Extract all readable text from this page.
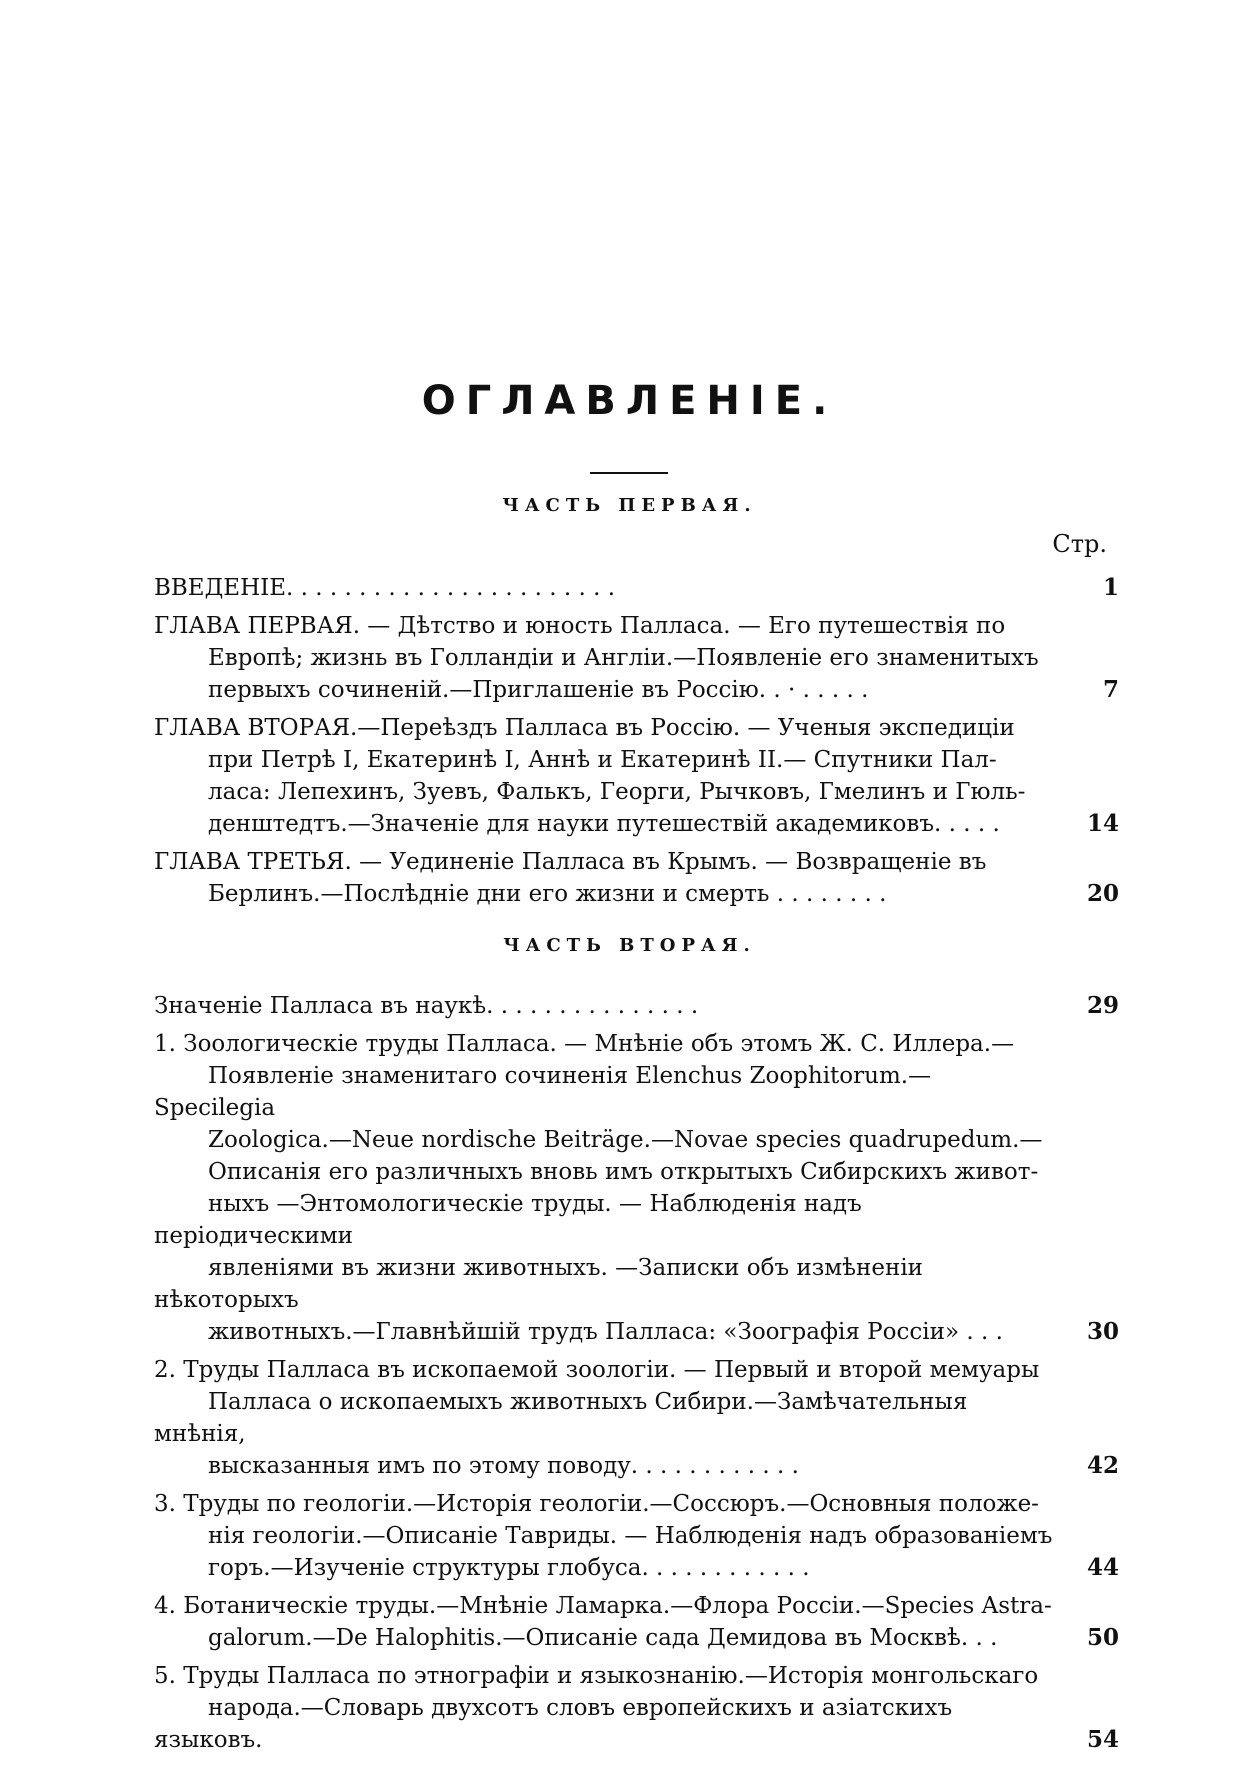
ОГЛАВЛЕНІЕ.
ЧАСТЬ ПЕРВАЯ.
Стр.
ВВЕДЕНІЕ. . . . . . . . . . . . . . . . . . . . . . .	1
ГЛАВА ПЕРВАЯ. — Дѣтство и юность Палласа. — Его путешествія по
Европѣ; жизнь въ Голландіи и Англіи.—Появленіе его знаменитыхъ
первыхъ сочиненій.—Приглашеніе въ Россію. . · . . . . .	7
ГЛАВА ВТОРАЯ.—Переѣздъ Палласа въ Россію. — Ученыя экспедиціи
при Петрѣ I, Екатеринѣ I, Аннѣ и Екатеринѣ II.— Спутники Пал-
ласа: Лепехинъ, Зуевъ, Фалькъ, Георги, Рычковъ, Гмелинъ и Гюль-
денштедтъ.—Значеніе для науки путешествій академиковъ. . . . .	14
ГЛАВА ТРЕТЬЯ. — Уединеніе Палласа въ Крымъ. — Возвращеніе въ
Берлинъ.—Послѣдніе дни его жизни и смерть . . . . . . . .	20
ЧАСТЬ ВТОРАЯ.
Значеніе Палласа въ наукѣ. . . . . . . . . . . . . . .	29
1. Зоологическіе труды Палласа. — Мнѣніе объ этомъ Ж. С. Иллера.—
Появленіе знаменитаго сочиненія Elenchus Zoophitorum.— Specilegia
Zoologica.—Neue nordische Beiträge.—Novae species quadrupedum.—
Описанія его различныхъ вновь имъ открытыхъ Сибирскихъ живот-
ныхъ —Энтомологическіе труды. — Наблюденія надъ періодическими
явленіями въ жизни животныхъ. —Записки объ измѣненіи нѣкоторыхъ
животныхъ.—Главнѣйшій трудъ Палласа: «Зоографія Россіи» . . .	30
2. Труды Палласа въ ископаемой зоологіи. — Первый и второй мемуары
Палласа о ископаемыхъ животныхъ Сибири.—Замѣчательныя мнѣнія,
высказанныя имъ по этому поводу. . . . . . . . . . . .	42
3. Труды по геологіи.—Исторія геологіи.—Соссюръ.—Основныя положе-
нія геологіи.—Описаніе Тавриды. — Наблюденія надъ образованіемъ
горъ.—Изученіе структуры глобуса. . . . . . . . . . . .	44
4. Ботаническіе труды.—Мнѣніе Ламарка.—Флора Россіи.—Species Astra-
galorum.—De Halophitis.—Описаніе сада Демидова въ Москвѣ. . .	50
5. Труды Палласа по этнографіи и языкознанію.—Исторія монгольскаго
народа.—Словарь двухсотъ словъ европейскихъ и азіатскихъ языковъ.	54
